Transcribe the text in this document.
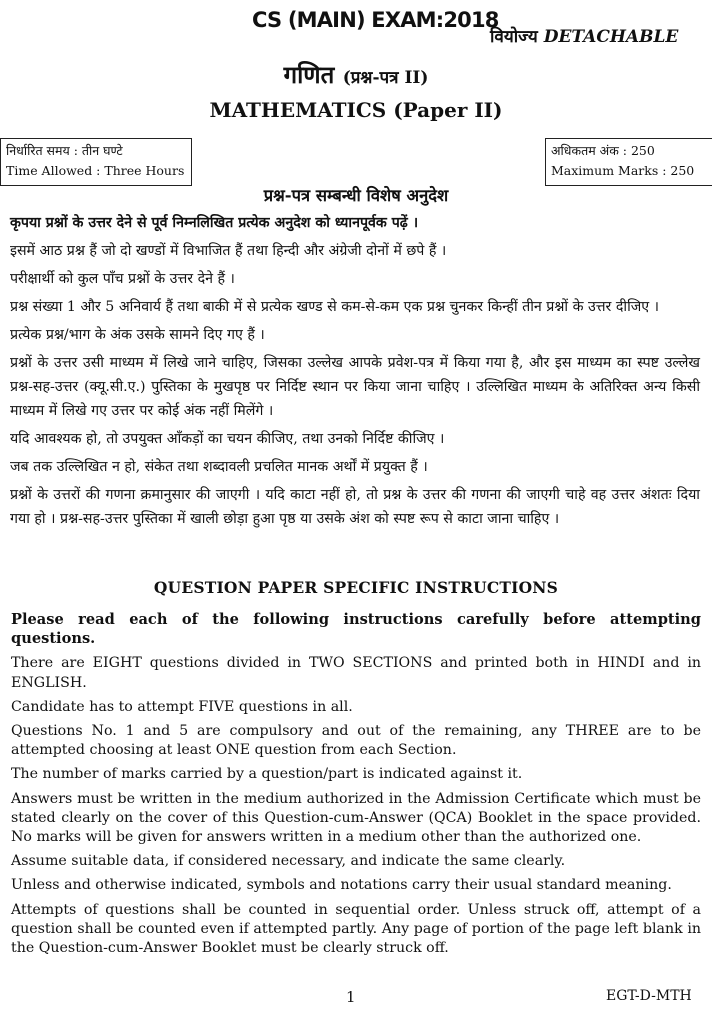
CS (MAIN) EXAM:2018
वियोज्य DETACHABLE
गणित (प्रश्न-पत्र II)
MATHEMATICS (Paper II)
निर्धारित समय : तीन घण्टे
Time Allowed : Three Hours
अधिकतम अंक : 250
Maximum Marks : 250
प्रश्न-पत्र सम्बन्धी विशेष अनुदेश

कृपया प्रश्नों के उत्तर देने से पूर्व निम्नलिखित प्रत्येक अनुदेश को ध्यानपूर्वक पढ़ें ।

इसमें आठ प्रश्न हैं जो दो खण्डों में विभाजित हैं तथा हिन्दी और अंग्रेजी दोनों में छपे हैं ।

परीक्षार्थी को कुल पाँच प्रश्नों के उत्तर देने हैं ।

प्रश्न संख्या 1 और 5 अनिवार्य हैं तथा बाकी में से प्रत्येक खण्ड से कम-से-कम एक प्रश्न चुनकर किन्हीं तीन प्रश्नों के उत्तर दीजिए ।

प्रत्येक प्रश्न/भाग के अंक उसके सामने दिए गए हैं ।

प्रश्नों के उत्तर उसी माध्यम में लिखे जाने चाहिए, जिसका उल्लेख आपके प्रवेश-पत्र में किया गया है, और इस माध्यम का स्पष्ट उल्लेख प्रश्न-सह-उत्तर (क्यू.सी.ए.) पुस्तिका के मुखपृष्ठ पर निर्दिष्ट स्थान पर किया जाना चाहिए । उल्लिखित माध्यम के अतिरिक्त अन्य किसी माध्यम में लिखे गए उत्तर पर कोई अंक नहीं मिलेंगे ।

यदि आवश्यक हो, तो उपयुक्त आँकड़ों का चयन कीजिए, तथा उनको निर्दिष्ट कीजिए ।

जब तक उल्लिखित न हो, संकेत तथा शब्दावली प्रचलित मानक अर्थों में प्रयुक्त हैं ।

प्रश्नों के उत्तरों की गणना क्रमानुसार की जाएगी । यदि काटा नहीं हो, तो प्रश्न के उत्तर की गणना की जाएगी चाहे वह उत्तर अंशतः दिया गया हो । प्रश्न-सह-उत्तर पुस्तिका में खाली छोड़ा हुआ पृष्ठ या उसके अंश को स्पष्ट रूप से काटा जाना चाहिए ।

QUESTION PAPER SPECIFIC INSTRUCTIONS

Please read each of the following instructions carefully before attempting questions.

There are EIGHT questions divided in TWO SECTIONS and printed both in HINDI and in ENGLISH.

Candidate has to attempt FIVE questions in all.

Questions No. 1 and 5 are compulsory and out of the remaining, any THREE are to be attempted choosing at least ONE question from each Section.

The number of marks carried by a question/part is indicated against it.

Answers must be written in the medium authorized in the Admission Certificate which must be stated clearly on the cover of this Question-cum-Answer (QCA) Booklet in the space provided. No marks will be given for answers written in a medium other than the authorized one.

Assume suitable data, if considered necessary, and indicate the same clearly.

Unless and otherwise indicated, symbols and notations carry their usual standard meaning.

Attempts of questions shall be counted in sequential order. Unless struck off, attempt of a question shall be counted even if attempted partly. Any page of portion of the page left blank in the Question-cum-Answer Booklet must be clearly struck off.

1	EGT-D-MTH
